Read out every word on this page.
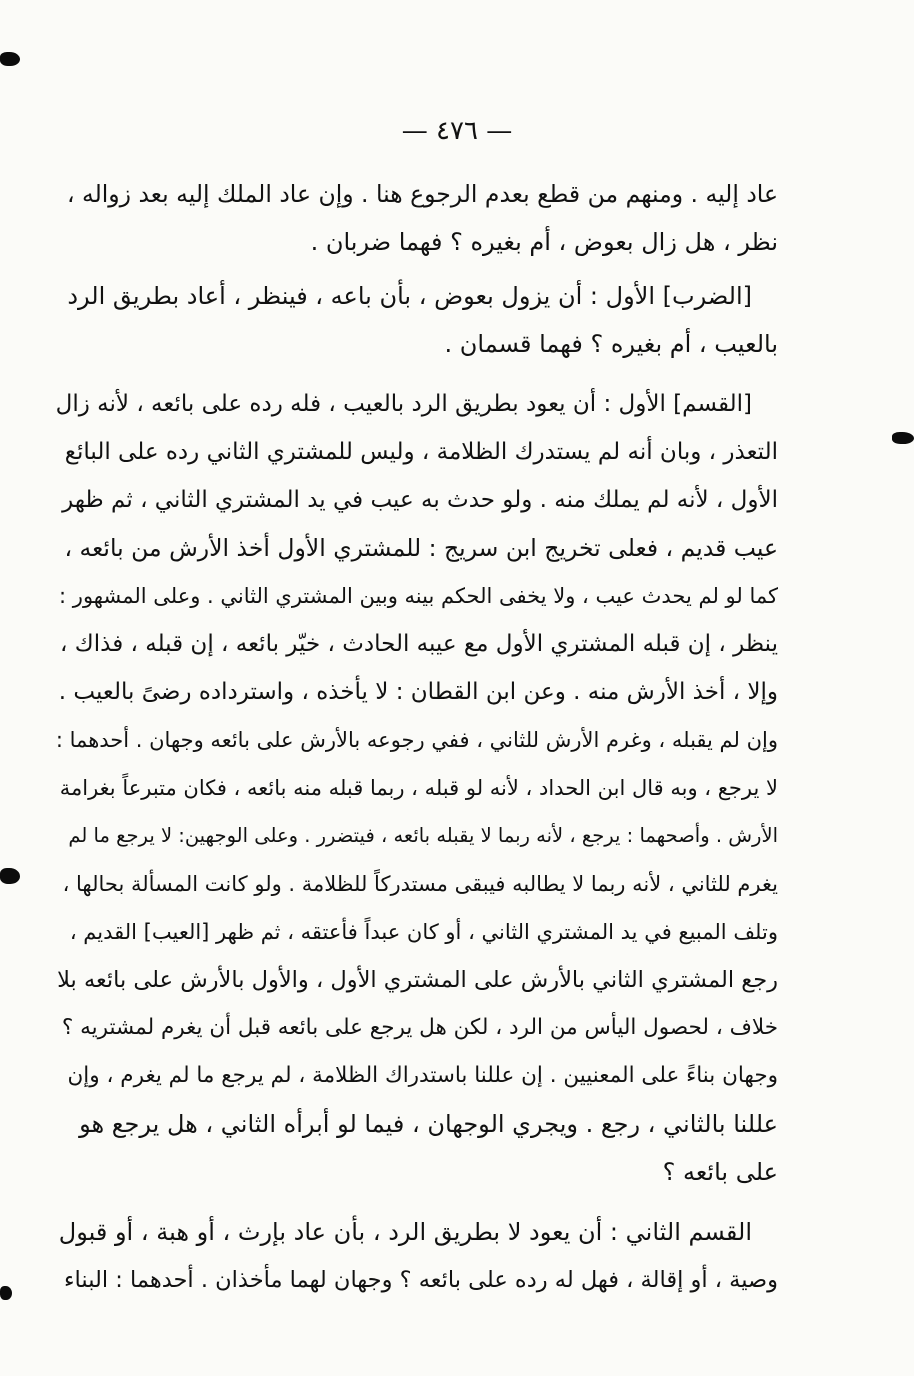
— ٤٧٦ —
عاد إليه . ومنهم من قطع بعدم الرجوع هنا . وإن عاد الملك إليه بعد زواله ،
نظر ، هل زال بعوض ، أم بغيره ؟ فهما ضربان .
[الضرب] الأول : أن يزول بعوض ، بأن باعه ، فينظر ، أعاد بطريق الرد
بالعيب ، أم بغيره ؟ فهما قسمان .
[القسم] الأول : أن يعود بطريق الرد بالعيب ، فله رده على بائعه ، لأنه زال
التعذر ، وبان أنه لم يستدرك الظلامة ، وليس للمشتري الثاني رده على البائع
الأول ، لأنه لم يملك منه . ولو حدث به عيب في يد المشتري الثاني ، ثم ظهر
عيب قديم ، فعلى تخريج ابن سريج : للمشتري الأول أخذ الأرش من بائعه ،
كما لو لم يحدث عيب ، ولا يخفى الحكم بينه وبين المشتري الثاني . وعلى المشهور :
ينظر ، إن قبله المشتري الأول مع عيبه الحادث ، خيّر بائعه ، إن قبله ، فذاك ،
وإلا ، أخذ الأرش منه . وعن ابن القطان : لا يأخذه ، واسترداده رضىً بالعيب .
وإن لم يقبله ، وغرم الأرش للثاني ، ففي رجوعه بالأرش على بائعه وجهان . أحدهما :
لا يرجع ، وبه قال ابن الحداد ، لأنه لو قبله ، ربما قبله منه بائعه ، فكان متبرعاً بغرامة
الأرش . وأصحهما : يرجع ، لأنه ربما لا يقبله بائعه ، فيتضرر . وعلى الوجهين: لا يرجع ما لم
يغرم للثاني ، لأنه ربما لا يطالبه فيبقى مستدركاً للظلامة . ولو كانت المسألة بحالها ،
وتلف المبيع في يد المشتري الثاني ، أو كان عبداً فأعتقه ، ثم ظهر [العيب] القديم ،
رجع المشتري الثاني بالأرش على المشتري الأول ، والأول بالأرش على بائعه بلا
خلاف ، لحصول اليأس من الرد ، لكن هل يرجع على بائعه قبل أن يغرم لمشتريه ؟
وجهان بناءً على المعنيين . إن عللنا باستدراك الظلامة ، لم يرجع ما لم يغرم ، وإن
عللنا بالثاني ، رجع . ويجري الوجهان ، فيما لو أبرأه الثاني ، هل يرجع هو
على بائعه ؟
القسم الثاني : أن يعود لا بطريق الرد ، بأن عاد بإرث ، أو هبة ، أو قبول
وصية ، أو إقالة ، فهل له رده على بائعه ؟ وجهان لهما مأخذان . أحدهما : البناء
